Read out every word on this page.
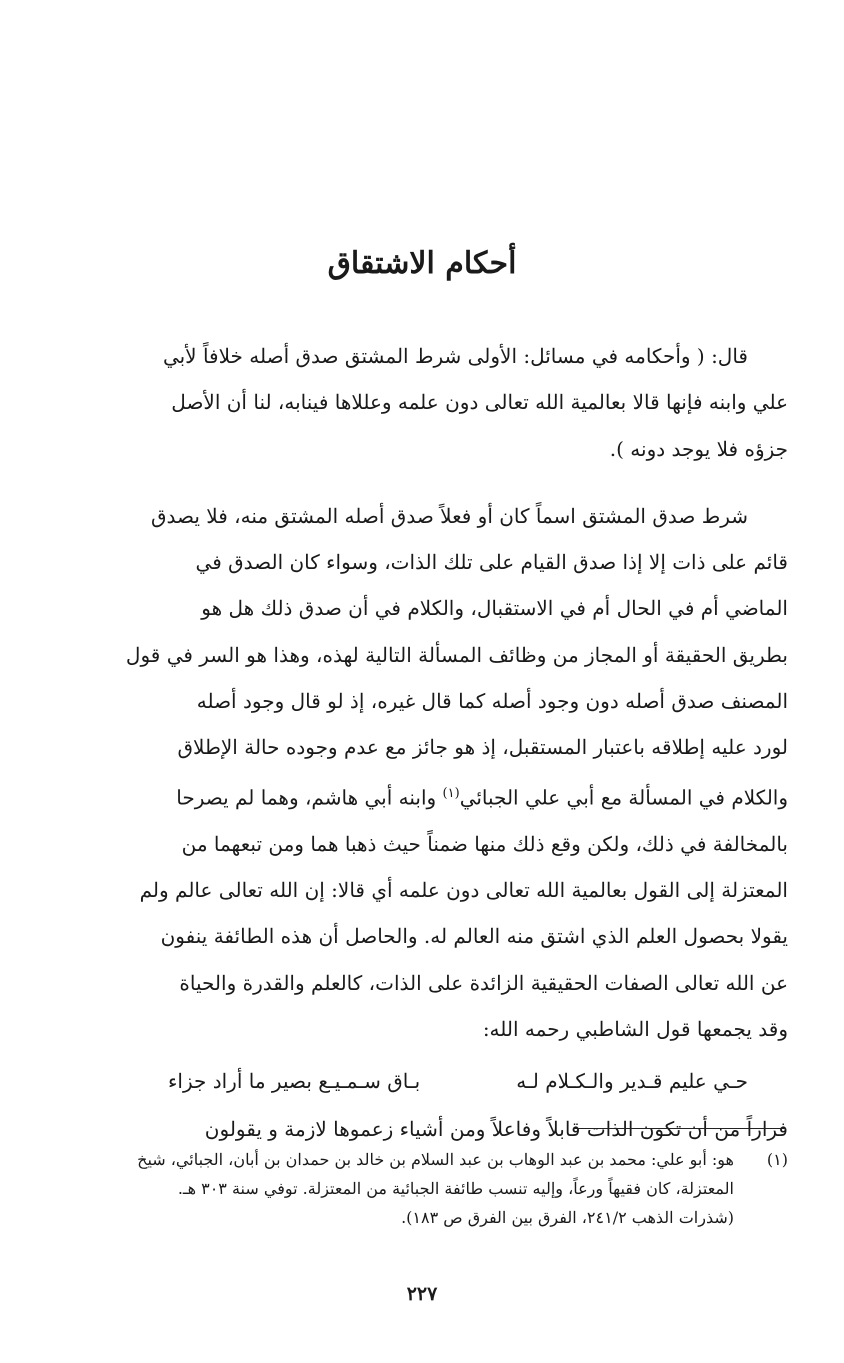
أحكام الاشتقاق

قال: ( وأحكامه في مسائل: الأولى شرط المشتق صدق أصله خلافاً لأبي

علي وابنه فإنها قالا بعالمية الله تعالى دون علمه وعللاها فينابه، لنا أن الأصل

جزؤه فلا يوجد دونه ).

شرط صدق المشتق اسماً كان أو فعلاً صدق أصله المشتق منه، فلا يصدق

قائم على ذات إلا إذا صدق القيام على تلك الذات، وسواء كان الصدق في

الماضي أم في الحال أم في الاستقبال، والكلام في أن صدق ذلك هل هو

بطريق الحقيقة أو المجاز من وظائف المسألة التالية لهذه، وهذا هو السر في قول

المصنف صدق أصله دون وجود أصله كما قال غيره، إذ لو قال وجود أصله

لورد عليه إطلاقه باعتبار المستقبل، إذ هو جائز مع عدم وجوده حالة الإطلاق

والكلام في المسألة مع أبي علي الجبائي$^{(١)}$ وابنه أبي هاشم، وهما لم يصرحا

بالمخالفة في ذلك، ولكن وقع ذلك منها ضمناً حيث ذهبا هما ومن تبعهما من

المعتزلة إلى القول بعالمية الله تعالى دون علمه أي قالا: إن الله تعالى عالم ولم

يقولا بحصول العلم الذي اشتق منه العالم له. والحاصل أن هذه الطائفة ينفون

عن الله تعالى الصفات الحقيقية الزائدة على الذات، كالعلم والقدرة والحياة

وقد يجمعها قول الشاطبي رحمه الله:

حـي عليم قـدير والـكـلام لـه
بـاق سـمـيـع بصير ما أراد جزاء

فراراً من أن تكون الذات قابلاً وفاعلاً ومن أشياء زعموها لازمة و يقولون

(١)
هو: أبو علي: محمد بن عبد الوهاب بن عبد السلام بن خالد بن حمدان بن أبان، الجبائي، شيخ
المعتزلة، كان فقيهاً ورعاً، وإليه تنسب طائفة الجبائية من المعتزلة. توفي سنة ٣٠٣ هـ.
(شذرات الذهب ٢٤١/٢، الفرق بين الفرق ص ١٨٣).
٢٢٧
